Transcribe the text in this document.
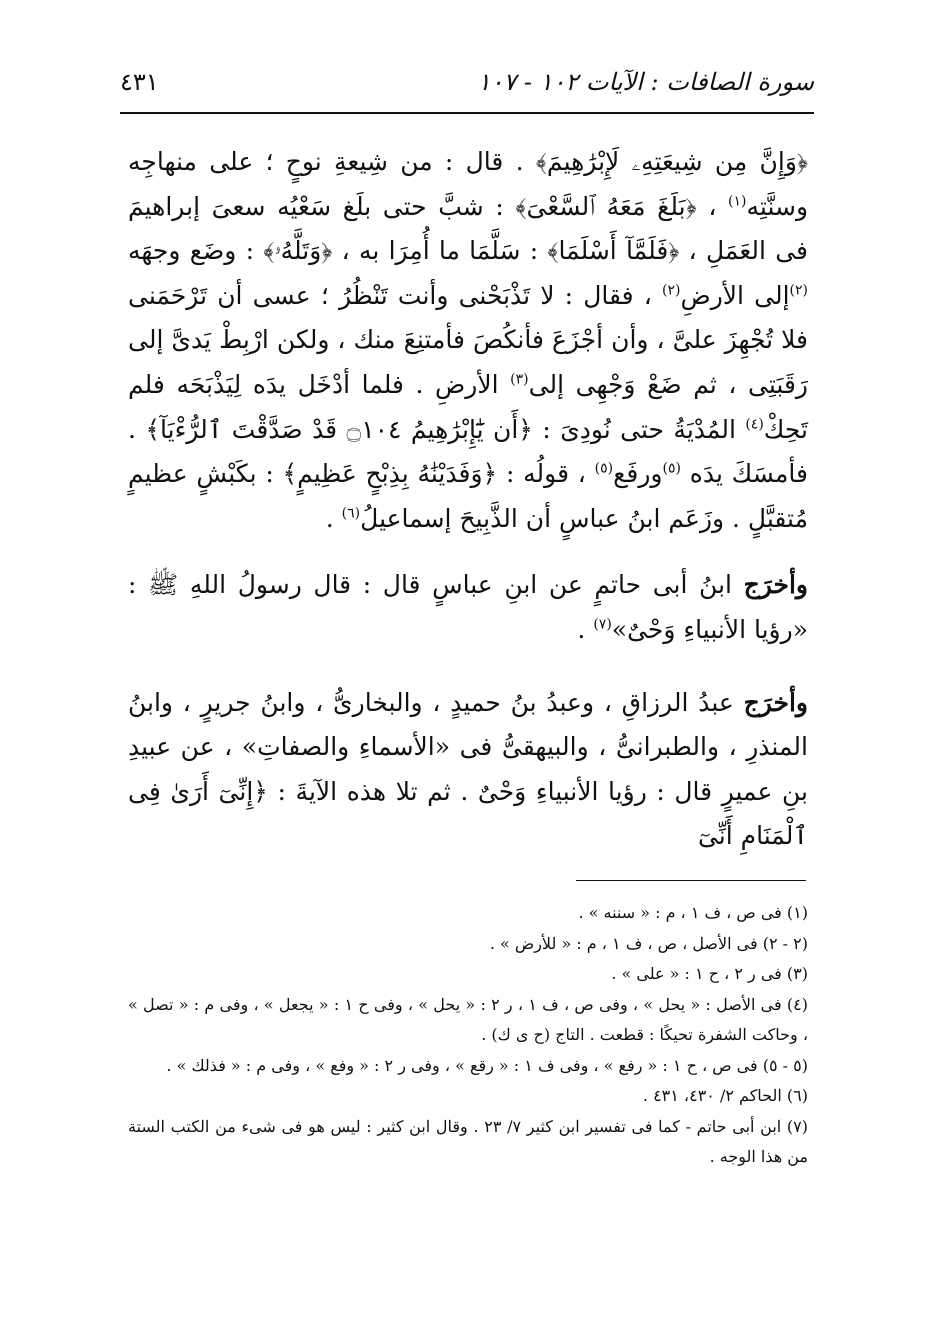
سورة الصافات : الآيات ١٠٢ - ١٠٧
٤٣١

﴿وَإِنَّ مِن شِيعَتِهِۦ لَإِبْرَٰهِيمَ﴾ . قال : من شِيعةِ نوحٍ ؛ على منهاجِه وسنَّتِه$^{(١)}$ ، ﴿بَلَغَ مَعَهُ ٱلسَّعْىَ﴾ : شبَّ حتى بلَغ سَعْيُه سعىَ إبراهيمَ فى العَمَلِ ، ﴿فَلَمَّآ أَسْلَمَا﴾ : سَلَّمَا ما أُمِرَا به ، ﴿وَتَلَّهُۥ﴾ : وضَع وجهَه $^{(٢)}$إلى الأرضِ$^{(٢)}$ ، فقال : لا تَذْبَحْنى وأنت تَنْظُرُ ؛ عسى أن تَرْحَمَنى فلا تُجْهِزَ علىَّ ، وأن أجْزَعَ فأنكُصَ فأمتنِعَ منك ، ولكن ارْبِطْ يَدىَّ إلى رَقَبَتِى ، ثم ضَعْ وَجْهِى إلى$^{(٣)}$ الأرضِ . فلما أدْخَل يدَه لِيَذْبَحَه فلم تَحِكْ$^{(٤)}$ المُدْيَةُ حتى نُودِىَ : ﴿أَن يَٰٓإِبْرَٰهِيمُ ۝١٠٤ قَدْ صَدَّقْتَ ٱلرُّءْيَآ﴾ . فأمسَكَ يدَه $^{(٥)}$ورفَع$^{(٥)}$ ، قولُه : ﴿وَفَدَيْنَٰهُ بِذِبْحٍ عَظِيمٍ﴾ : بكَبْشٍ عظيمٍ مُتقبَّلٍ . وزَعَم ابنُ عباسٍ أن الذَّبِيحَ إسماعيلُ$^{(٦)}$ .

وأخرَج ابنُ أبى حاتمٍ عن ابنِ عباسٍ قال : قال رسولُ اللهِ ﷺ : «رؤيا الأنبياءِ وَحْىٌ»$^{(٧)}$ .

وأخرَج عبدُ الرزاقِ ، وعبدُ بنُ حميدٍ ، والبخارىُّ ، وابنُ جريرٍ ، وابنُ المنذرِ ، والطبرانىُّ ، والبيهقىُّ فى «الأسماءِ والصفاتِ» ، عن عبيدِ بنِ عميرٍ قال : رؤيا الأنبياءِ وَحْىٌ . ثم تلا هذه الآيةَ : ﴿إِنِّىٓ أَرَىٰ فِى ٱلْمَنَامِ أَنِّىٓ

(١) فى ص ، ف ١ ، م : « سننه » .

(٢ - ٢) فى الأصل ، ص ، ف ١ ، م : « للأرض » .

(٣) فى ر ٢ ، ح ١ : « على » .

(٤) فى الأصل : « يحل » ، وفى ص ، ف ١ ، ر ٢ : « يحل » ، وفى ح ١ : « يجعل » ، وفى م : « تصل » ، وحاكت الشفرة تحيكًا : قطعت . التاج (ح ى ك) .

(٥ - ٥) فى ص ، ح ١ : « رفع » ، وفى ف ١ : « رقع » ، وفى ر ٢ : « وفع » ، وفى م : « فذلك » .

(٦) الحاكم ٢/ ٤٣٠، ٤٣١ .

(٧) ابن أبى حاتم - كما فى تفسير ابن كثير ٧/ ٢٣ . وقال ابن كثير : ليس هو فى شىء من الكتب الستة من هذا الوجه .
